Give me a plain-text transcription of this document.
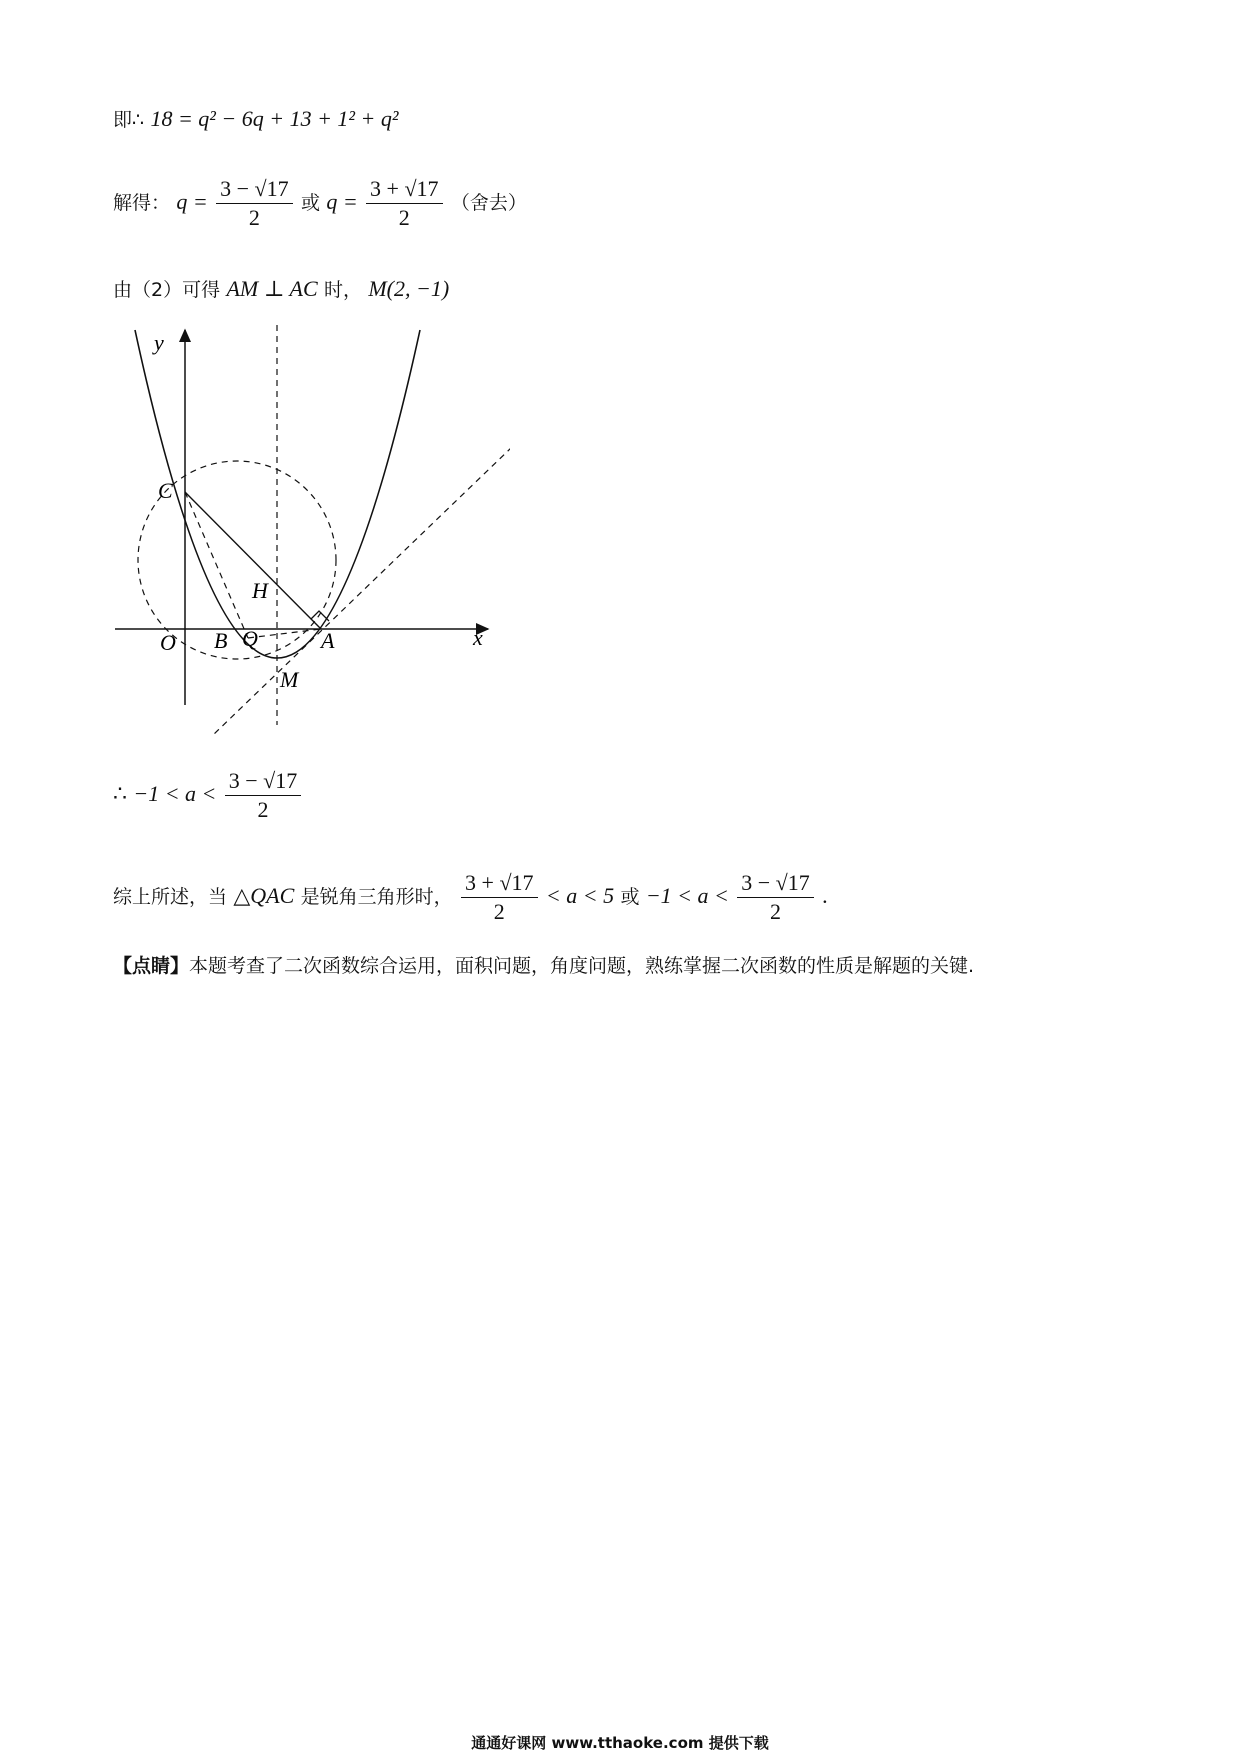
即∴ 18 = q² − 6q + 13 + 1² + q²
解得： $q = \frac{3 - √17}{2}$ 或 $q = \frac{3 + √17}{2}$ （舍去）
由（2）可得 AM ⊥ AC 时， M(2, −1)
y
x
O
C
H
B Q	A
M
∴ $-1 < a < \frac{3 - √17}{2}$
综上所述，当 △QAC 是锐角三角形时， $\frac{3 + √17}{2} < a < 5$ 或 $-1 < a < \frac{3 - √17}{2}$ .
【点睛】本题考查了二次函数综合运用，面积问题，角度问题，熟练掌握二次函数的性质是解题的关键.
通通好课网 www.tthaoke.com 提供下载
